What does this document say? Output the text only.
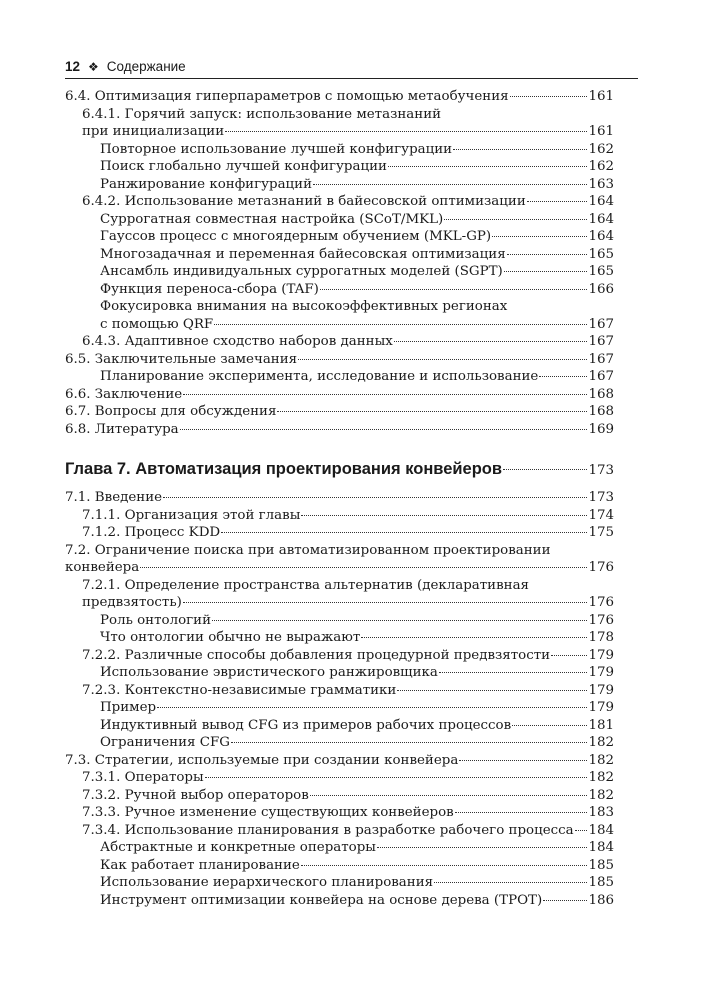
12 ❖ Содержание
6.4. Оптимизация гиперпараметров с помощью метаобучения	161
6.4.1. Горячий запуск: использование метазнаний
при инициализации	161
Повторное использование лучшей конфигурации	162
Поиск глобально лучшей конфигурации	162
Ранжирование конфигураций	163
6.4.2. Использование метазнаний в байесовской оптимизации	164
Суррогатная совместная настройка (SCoT/MKL)	164
Гауссов процесс с многоядерным обучением (MKL-GP)	164
Многозадачная и переменная байесовская оптимизация	165
Ансамбль индивидуальных суррогатных моделей (SGPT)	165
Функция переноса-сбора (TAF)	166
Фокусировка внимания на высокоэффективных регионах
с помощью QRF	167
6.4.3. Адаптивное сходство наборов данных	167
6.5. Заключительные замечания	167
Планирование эксперимента, исследование и использование	167
6.6. Заключение	168
6.7. Вопросы для обсуждения	168
6.8. Литература	169
Глава 7. Автоматизация проектирования конвейеров	173
7.1. Введение	173
7.1.1. Организация этой главы	174
7.1.2. Процесс KDD	175
7.2. Ограничение поиска при автоматизированном проектировании
конвейера	176
7.2.1. Определение пространства альтернатив (декларативная
предвзятость)	176
Роль онтологий	176
Что онтологии обычно не выражают	178
7.2.2. Различные способы добавления процедурной предвзятости	179
Использование эвристического ранжировщика	179
7.2.3. Контекстно-независимые грамматики	179
Пример	179
Индуктивный вывод CFG из примеров рабочих процессов	181
Ограничения CFG	182
7.3. Стратегии, используемые при создании конвейера	182
7.3.1. Операторы	182
7.3.2. Ручной выбор операторов	182
7.3.3. Ручное изменение существующих конвейеров	183
7.3.4. Использование планирования в разработке рабочего процесса 184
Абстрактные и конкретные операторы	184
Как работает планирование	185
Использование иерархического планирования	185
Инструмент оптимизации конвейера на основе дерева (TPOT)	186
